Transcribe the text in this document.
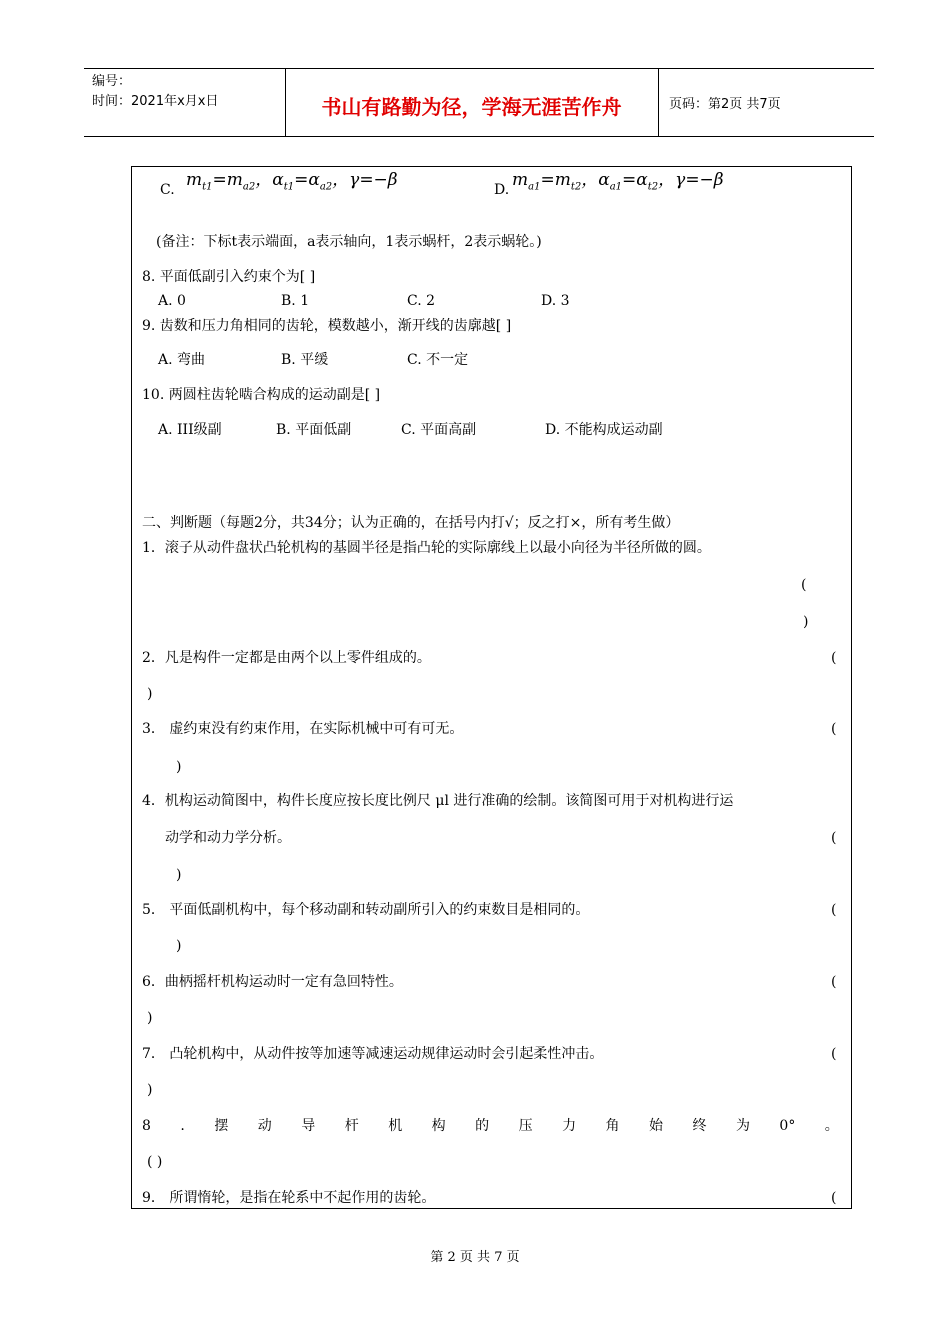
编号：
时间：2021年x月x日	书山有路勤为径，学海无涯苦作舟	页码：第2页 共7页
C. $m_{t1}=m_{a2}$，$\alpha_{t1}=\alpha_{a2}$，γ=−β	D. $m_{a1}=m_{t2}$，$\alpha_{a1}=\alpha_{t2}$，γ=−β
(备注：下标t表示端面，a表示轴向，1表示蜗杆，2表示蜗轮。)
8. 平面低副引入约束个为[ ]
A. 0	B. 1	C. 2	D. 3
9. 齿数和压力角相同的齿轮，模数越小，渐开线的齿廓越[ ]
A. 弯曲	B. 平缓	C. 不一定
10. 两圆柱齿轮啮合构成的运动副是[ ]
A. III级副	B. 平面低副	C. 平面高副	D. 不能构成运动副
二、判断题（每题2分，共34分；认为正确的，在括号内打√；反之打×，所有考生做）
1．滚子从动件盘状凸轮机构的基圆半径是指凸轮的实际廓线上以最小向径为半径所做的圆。
(
)
2．凡是构件一定都是由两个以上零件组成的。	(
)
3． 虚约束没有约束作用，在实际机械中可有可无。	(
)
4．机构运动简图中，构件长度应按长度比例尺 μl 进行准确的绘制。该简图可用于对机构进行运
动学和动力学分析。	(
)
5． 平面低副机构中，每个移动副和转动副所引入的约束数目是相同的。	(
)
6．曲柄摇杆机构运动时一定有急回特性。	(
)
7． 凸轮机构中，从动件按等加速等减速运动规律运动时会引起柔性冲击。	(
)
8 . 摆 动 导 杆 机 构 的 压 力 角 始 终 为 0° 。
( )
9． 所谓惰轮，是指在轮系中不起作用的齿轮。	(
第 2 页 共 7 页
